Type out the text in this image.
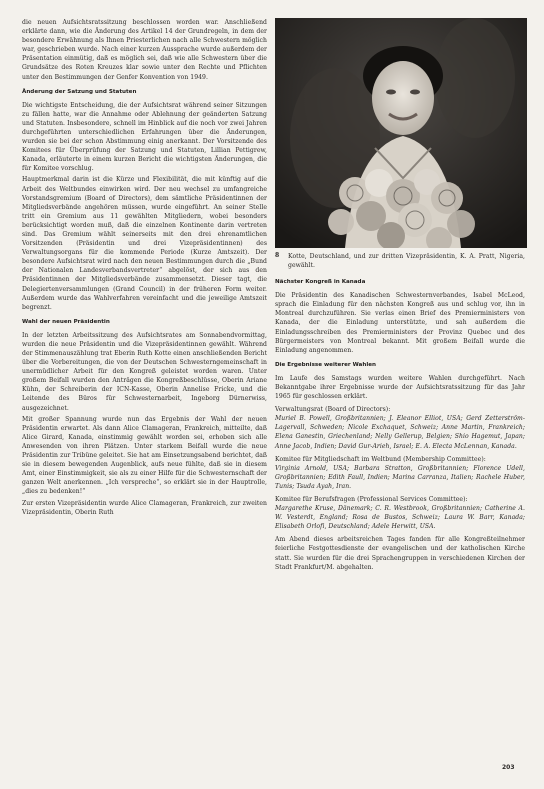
die neuen Aufsichtsratssitzung beschlossen worden war. Anschließend erklärte dann, wie die Änderung des Artikel 14 der Grundregeln, in dem der besondere Erwähnung als Ihnen Priesterlichen nach alle Schwestern möglich war, geschrieben wurde. Nach einer kurzen Aussprache wurde außerdem der Präsentation einmütig, daß es möglich sei, daß wie alle Schwestern über die Grundsätze des Roten Kreuzes klar sowie unter den Rechte und Pflichten unter den Bestimmungen der Genfer Konvention von 1949.

Änderung der Satzung und Statuten

Die wichtigste Entscheidung, die der Aufsichtsrat während seiner Sitzungen zu fällen hatte, war die Annahme oder Ablehnung der geänderten Satzung und Statuten. Insbesondere, schnell im Hinblick auf die noch vor zwei Jahren durchgeführten unterschiedlichen Erfahrungen über die Änderungen, wurden sie bei der schon Abstimmung einig anerkannt. Der Vorsitzende des Komitees für Überprüfung der Satzung und Statuten, Lillian Pettigrew, Kanada, erläuterte in einem kurzen Bericht die wichtigsten Änderungen, die für Komitee vorschlug.

Hauptmerkmal darin ist die Kürze und Flexibilität, die mit künftig auf die Arbeit des Weltbundes einwirken wird. Der neu wechsel zu umfangreiche Vorstandsgremium (Board of Directors), dem sämtliche Präsidentinnen der Mitgliedsverbände angehören müssen, wurde eingeführt. An seiner Stelle tritt ein Gremium aus 11 gewählten Mitgliedern, wobei besonders berücksichtigt worden muß, daß die einzelnen Kontinente darin vertreten sind. Das Gremium wählt seinerseits mit den drei ehrenamtlichen Vorsitzenden (Präsidentin und drei Vizepräsidentinnen) des Verwaltungsorgans für die kommende Periode (Kurze Amtszeit). Der besondere Aufsichtsrat wird nach den neuen Bestimmungen durch die „Bund der Nationalen Landesverbandsvertreter“ abgelöst, der sich aus den Präsidentinnen der Mitgliedsverbände zusammensetzt. Dieser tagt, die Delegiertenversammlungen (Grand Council) in der früheren Form weiter. Außerdem wurde das Wahlverfahren vereinfacht und die jeweilige Amtszeit begrenzt.

Wahl der neuen Präsidentin

In der letzten Arbeitssitzung des Aufsichtsrates am Sonnabendvormittag, wurden die neue Präsidentin und die Vizepräsidentinnen gewählt. Während der Stimmenauszählung trat Eberin Ruth Kotte einen anschließenden Bericht über die Vorbereitungen, die von der Deutschen Schwesterngemeinschaft in unermüdlicher Arbeit für den Kongreß geleistet worden waren. Unter großem Beifall wurden den Anträgen die Kongreßbeschlüsse, Oberin Ariane Kühn, der Schreiberin der ICN-Kasse, Oberin Annelise Fricke, und die Leitende des Büros für Schwesternarbeit, Ingeborg Dürnerwiss, ausgezeichnet.

Mit großer Spannung wurde nun das Ergebnis der Wahl der neuen Präsidentin erwartet. Als dann Alice Clamageran, Frankreich, mitteilte, daß Alice Girard, Kanada, einstimmig gewählt worden sei, erhoben sich alle Anwesenden von ihren Plätzen. Unter starkem Beifall wurde die neue Präsidentin zur Tribüne geleitet. Sie hat am Einsetzungsabend berichtet, daß sie in diesem bewegenden Augenblick, aufs neue fühlte, daß sie in diesem Amt, einer Einstimmigkeit, sie als zu einer Hilfe für die Schwesternschaft der ganzen Welt anerkennen. „Ich verspreche“, so erklärt sie in der Hauptrolle, „dies zu bedenken!“

Zur ersten Vizepräsidentin wurde Alice Clamageran, Frankreich, zur zweiten Vizepräsidentin, Oberin Ruth

8	Kotte, Deutschland, und zur dritten Vizepräsidentin, K. A. Pratt, Nigeria, gewählt.

Nächster Kongreß in Kanada

Die Präsidentin des Kanadischen Schwesternverbandes, Isabel McLeod, sprach die Einladung für den nächsten Kongreß aus und schlug vor, ihn in Montreal durchzuführen. Sie verlas einen Brief des Premierministers von Kanada, der die Einladung unterstützte, und sah außerdem die Einladungsschreiben des Premierministers der Provinz Quebec und des Bürgermeisters von Montreal bekannt. Mit großem Beifall wurde die Einladung angenommen.

Die Ergebnisse weiterer Wahlen

Im Laufe des Samstags wurden weitere Wahlen durchgeführt. Nach Bekanntgabe ihrer Ergebnisse wurde der Aufsichtsratssitzung für das Jahr 1965 für geschlossen erklärt.

Verwaltungsrat (Board of Directors):

Muriel B. Powell, Großbritannien; J. Eleanor Elliot, USA; Gerd Zetterström-Lagervall, Schweden; Nicole Exchaquet, Schweiz; Anne Martin, Frankreich; Elena Ganestin, Griechenland; Nelly Gellerup, Belgien; Shio Hagemut, Japan; Anne Jacob, Indien; David Gur-Arieh, Israel; E. A. Electa McLennan, Kanada.

Komitee für Mitgliedschaft im Weltbund (Membership Committee):

Virginia Arnold, USA; Barbara Stratton, Großbritannien; Florence Udell, Großbritannien; Edith Faull, Indien; Marina Carranza, Italien; Rachele Huber, Tunis; Tsuda Ayah, Iran.

Komitee für Berufsfragen (Professional Services Committee):

Margarethe Kruse, Dänemark; C. R. Westbrook, Großbritannien; Catherine A. W. Vesterdt, England; Rosa de Bustos, Schweiz; Laura W. Barr, Kanada; Elisabeth Orlofi, Deutschland; Adele Herwitt, USA.

Am Abend dieses arbeitsreichen Tages fanden für alle Kongreßteilnehmer feierliche Festgottesdienste der evangelischen und der katholischen Kirche statt. Sie wurden für die drei Sprachengruppen in verschiedenen Kirchen der Stadt Frankfurt/M. abgehalten.

203
